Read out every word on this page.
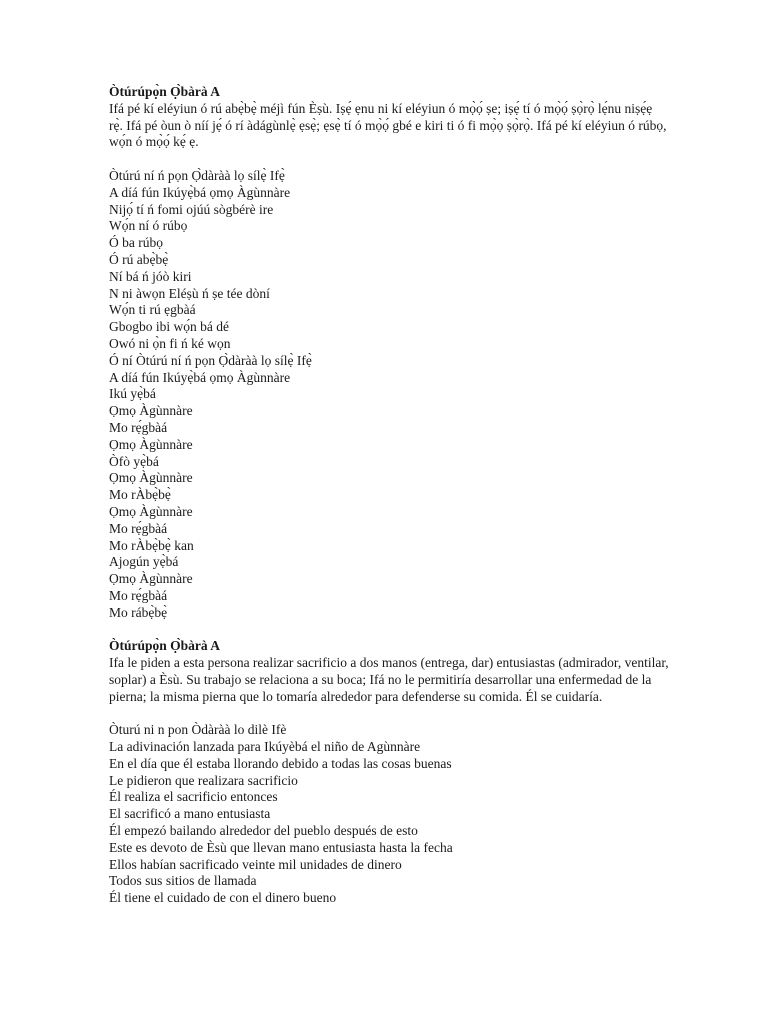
Òtúrúpọ̀n Ọ̀bàrà A

Ifá pé kí eléyiun ó rú abẹ̀bẹ̀ méjì fún Èṣù. Iṣẹ́ ẹnu ni kí eléyiun ó mọ̀ọ́ ṣe; iṣẹ́ tí ó mọ̀ọ́ ṣọ̀rọ̀ lẹ́nu niṣẹ́ẹ rẹ̀. Ifá pé òun ò níí jẹ́ ó rí àdágùnlẹ̀ ẹsẹ̀; ẹsẹ̀ tí ó mọ̀ọ́ gbé e kiri ti ó fi mọ̀ọ ṣọ̀rọ̀. Ifá pé kí eléyiun ó rúbọ, wọ́n ó mọ̀ọ́ kẹ́ ẹ.

Òtúrú ní ń pọn Ọ̀dàràà lọ sílẹ̀ Ifẹ̀
A díá fún Ikúyẹ̀bá ọmọ Àgùnnàre
Nijọ́ tí ń fomi ojúú sògbérè ire
Wọ́n ní ó rúbọ
Ó ba rúbọ
Ó rú abẹ̀bẹ̀
Ní bá ń jóò kiri
N ni àwọn Eléṣù ń ṣe tée dòní
Wọ́n ti rú ẹgbàá
Gbogbo ibi wọ́n bá dé
Owó ni ọ̀n fi ń ké wọn
Ó ní Òtúrú ní ń pọn Ọ̀dàràà lọ sílẹ̀ Ifẹ̀
A díá fún Ikúyẹ̀bá ọmọ Àgùnnàre
Ikú yẹ̀bá
Ọmọ Àgùnnàre
Mo rẹ́gbàá
Ọmọ Àgùnnàre
Òfò yẹ̀bá
Ọmọ Àgùnnàre
Mo rÀbẹ̀bẹ̀
Ọmọ Àgùnnàre
Mo rẹ́gbàá
Mo rÀbẹ̀bẹ̀ kan
Ajogún yẹ̀bá
Ọmọ Àgùnnàre
Mo rẹ́gbàá
Mo rábẹ̀bẹ̀

Òtúrúpọ̀n Ọ̀bàrà A

Ifa le piden a esta persona realizar sacrificio a dos manos (entrega, dar) entusiastas (admirador, ventilar, soplar) a Èsù. Su trabajo se relaciona a su boca; Ifá no le permitiría desarrollar una enfermedad de la pierna; la misma pierna que lo tomaría alrededor para defenderse su comida. Él se cuidaría.

Òturú ni n pon Òdàràà lo dilè Ifè
La adivinación lanzada para Ikúyèbá el niño de Agùnnàre
En el día que él estaba llorando debido a todas las cosas buenas
Le pidieron que realizara sacrificio
Él realiza el sacrificio entonces
El sacrificó a mano entusiasta
Él empezó bailando alrededor del pueblo después de esto
Este es devoto de Èsù que llevan mano entusiasta hasta la fecha
Ellos habían sacrificado veinte mil unidades de dinero
Todos sus sitios de llamada
Él tiene el cuidado de con el dinero bueno
